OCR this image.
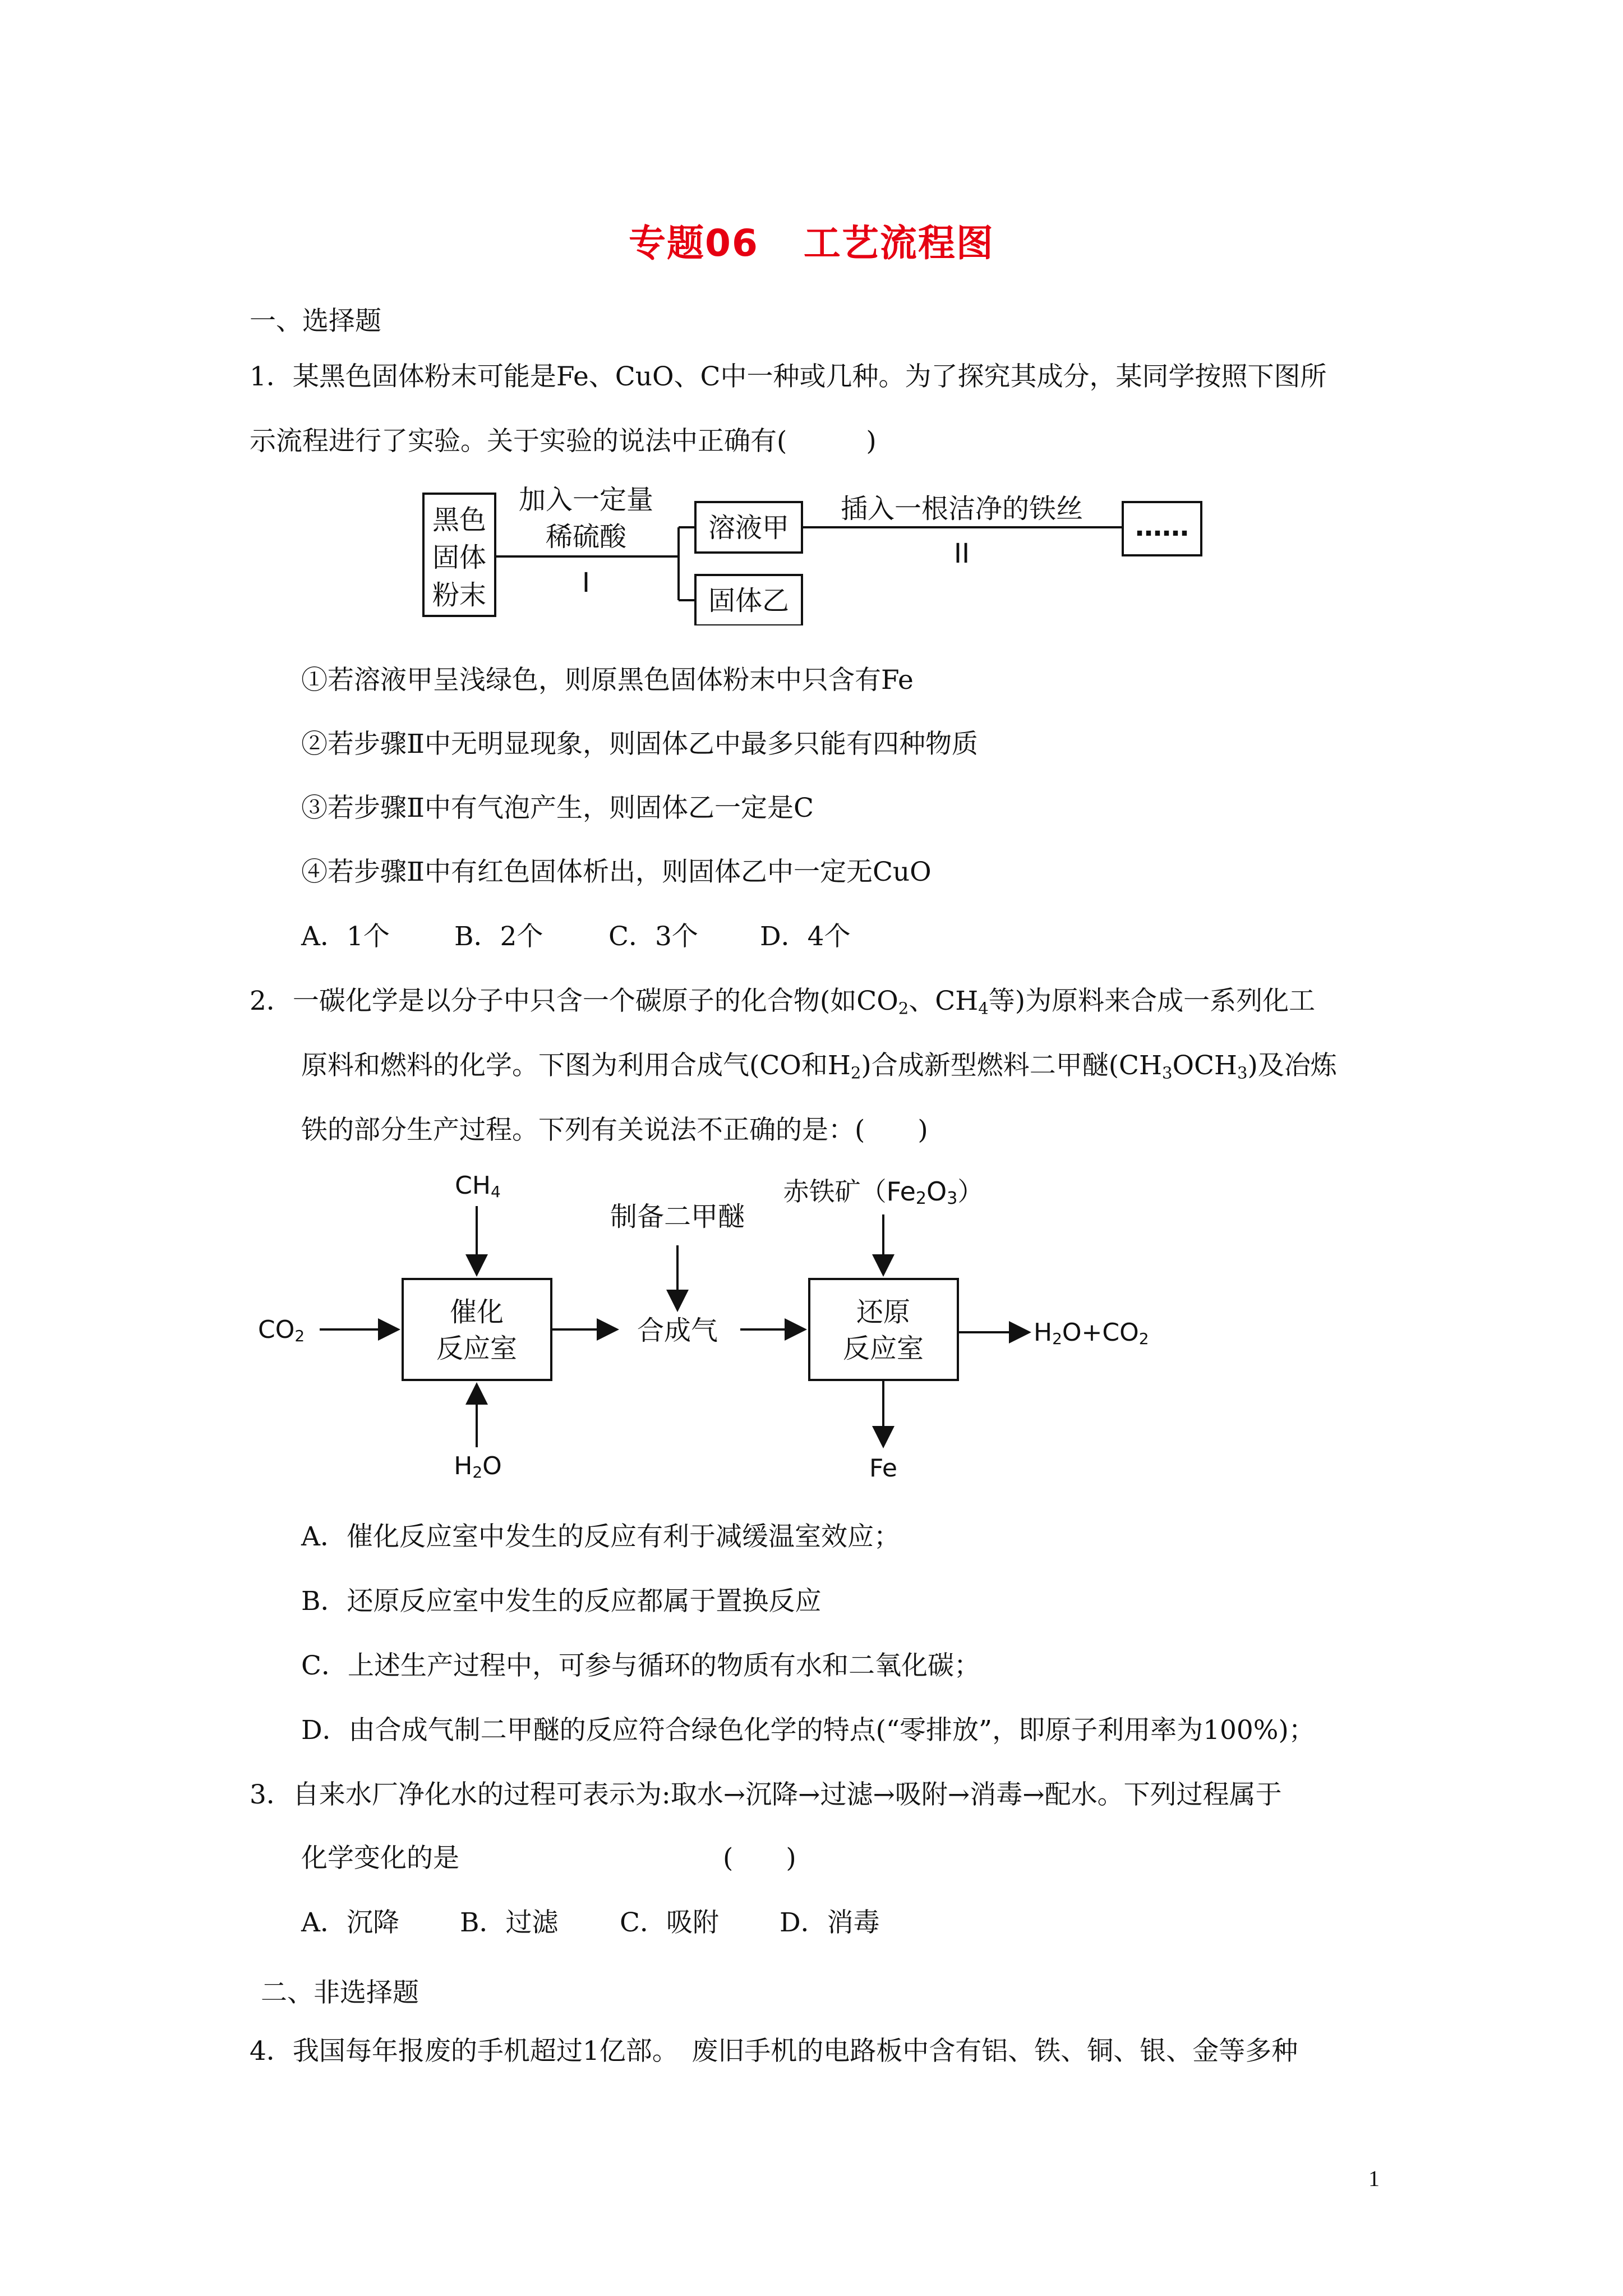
专题06 工艺流程图
一、选择题
1．某黑色固体粉末可能是Fe、CuO、C中一种或几种。为了探究其成分，某同学按照下图所
示流程进行了实验。关于实验的说法中正确有(　　　)
黑色
固体
粉末
加入一定量
稀硫酸
I
溶液甲
固体乙
插入一根洁净的铁丝
II
……
①若溶液甲呈浅绿色，则原黑色固体粉末中只含有Fe
②若步骤Ⅱ中无明显现象，则固体乙中最多只能有四种物质
③若步骤Ⅱ中有气泡产生，则固体乙一定是C
④若步骤Ⅱ中有红色固体析出，则固体乙中一定无CuO
A．1个 B．2个 C．3个 D．4个
2．一碳化学是以分子中只含一个碳原子的化合物(如$CO_2$、$CH_4$等)为原料来合成一系列化工
原料和燃料的化学。下图为利用合成气(CO和$H_2$)合成新型燃料二甲醚$(CH_3OCH_3)$及冶炼
铁的部分生产过程。下列有关说法不正确的是：(　　)
CH4
CO2
H2O
催化
反应室
制备二甲醚
合成气
赤铁矿（Fe2O3）
还原
反应室
H2O+CO2
Fe
A．催化反应室中发生的反应有利于减缓温室效应；
B．还原反应室中发生的反应都属于置换反应
C．上述生产过程中，可参与循环的物质有水和二氧化碳；
D．由合成气制二甲醚的反应符合绿色化学的特点(“零排放”，即原子利用率为100%)；
3．自来水厂净化水的过程可表示为:取水→沉降→过滤→吸附→消毒→配水。下列过程属于
化学变化的是　　　　　　　　　　(　　)
A．沉降 B．过滤 C．吸附 D．消毒
二、非选择题
4．我国每年报废的手机超过1亿部。　废旧手机的电路板中含有铝、铁、铜、银、金等多种
1
